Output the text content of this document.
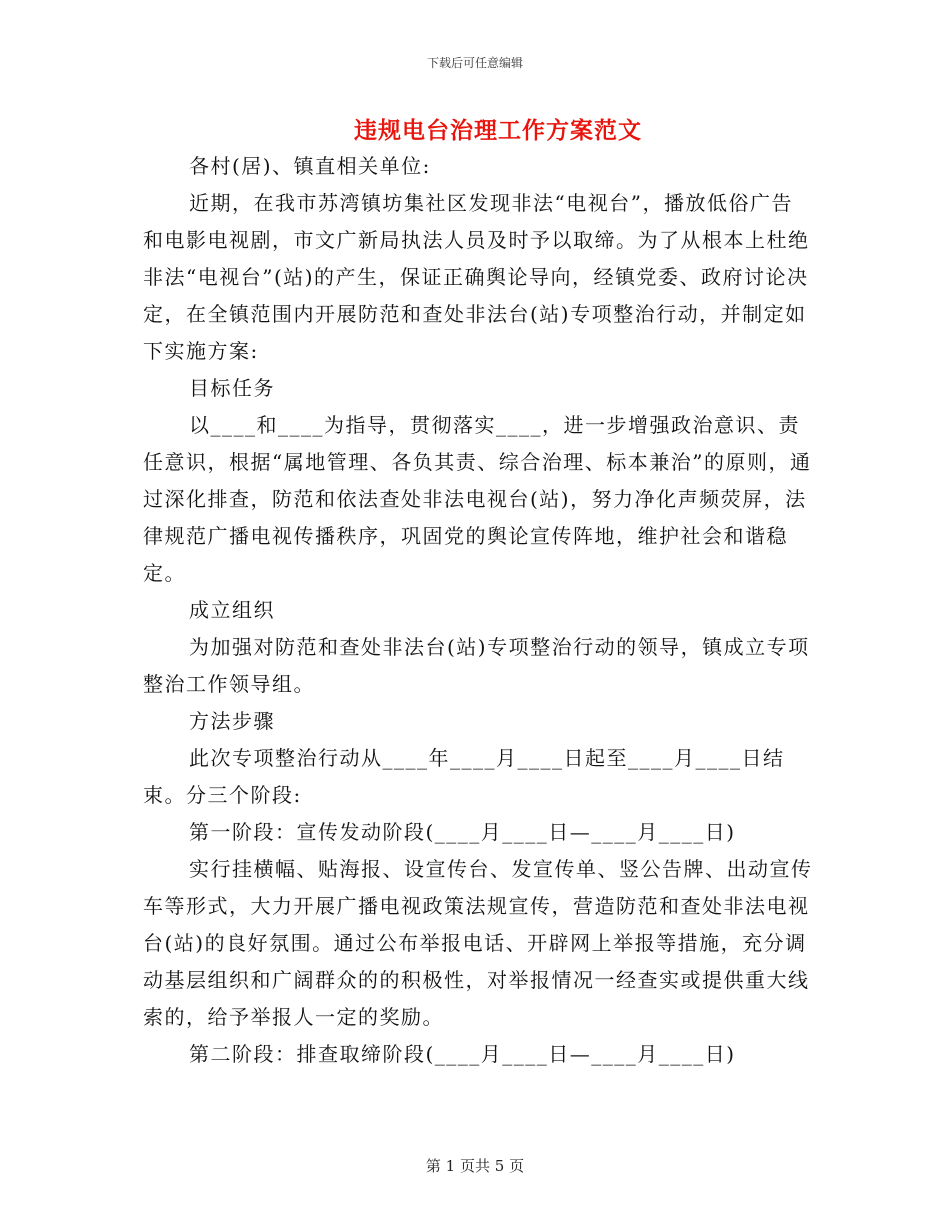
下载后可任意编辑
违规电台治理工作方案范文

各村(居)、镇直相关单位:

近期，在我市苏湾镇坊集社区发现非法“电视台”，播放低俗广告和电影电视剧，市文广新局执法人员及时予以取缔。为了从根本上杜绝非法“电视台”(站)的产生，保证正确舆论导向，经镇党委、政府讨论决定，在全镇范围内开展防范和查处非法台(站)专项整治行动，并制定如下实施方案:

目标任务

以____和____为指导，贯彻落实____，进一步增强政治意识、责任意识，根据“属地管理、各负其责、综合治理、标本兼治”的原则，通过深化排查，防范和依法查处非法电视台(站)，努力净化声频荧屏，法律规范广播电视传播秩序，巩固党的舆论宣传阵地，维护社会和谐稳定。

成立组织

为加强对防范和查处非法台(站)专项整治行动的领导，镇成立专项整治工作领导组。

方法步骤

此次专项整治行动从____年____月____日起至____月____日结束。分三个阶段:

第一阶段：宣传发动阶段(____月____日—____月____日)

实行挂横幅、贴海报、设宣传台、发宣传单、竖公告牌、出动宣传车等形式，大力开展广播电视政策法规宣传，营造防范和查处非法电视台(站)的良好氛围。通过公布举报电话、开辟网上举报等措施，充分调动基层组织和广阔群众的的积极性，对举报情况一经查实或提供重大线索的，给予举报人一定的奖励。

第二阶段：排查取缔阶段(____月____日—____月____日)

第 1 页共 5 页
